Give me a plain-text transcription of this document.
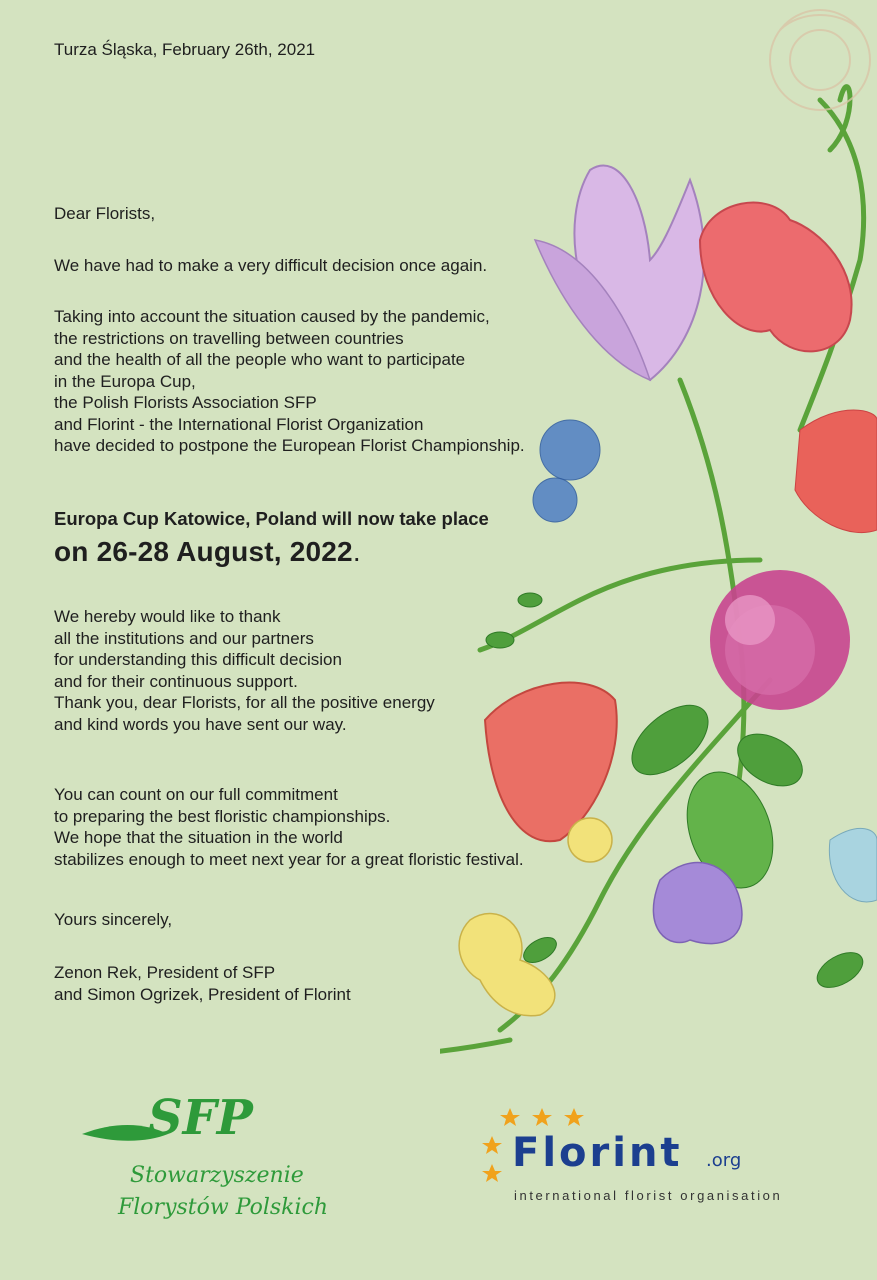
Turza Śląska, February 26th, 2021
Dear Florists,
We have had to make a very difficult decision once again.
Taking into account the situation caused by the pandemic,
the restrictions on travelling between countries
and the health of all the people who want to participate
in the Europa Cup,
the Polish Florists Association SFP
and Florint - the International Florist Organization
have decided to postpone the European Florist Championship.
Europa Cup Katowice, Poland will now take place
on 26-28 August, 2022.
We hereby would like to thank
all the institutions and our partners
for understanding this difficult decision
and for their continuous support.
Thank you, dear Florists, for all the positive energy
and kind words you have sent our way.
You can count on our full commitment
to preparing the best floristic championships.
We hope that the situation in the world
stabilizes enough to meet next year for a great floristic festival.
Yours sincerely,
Zenon Rek, President of SFP
and Simon Ogrizek, President of Florint
SFP
Stowarzyszenie
Florystów Polskich
Florint .org
international florist organisation
